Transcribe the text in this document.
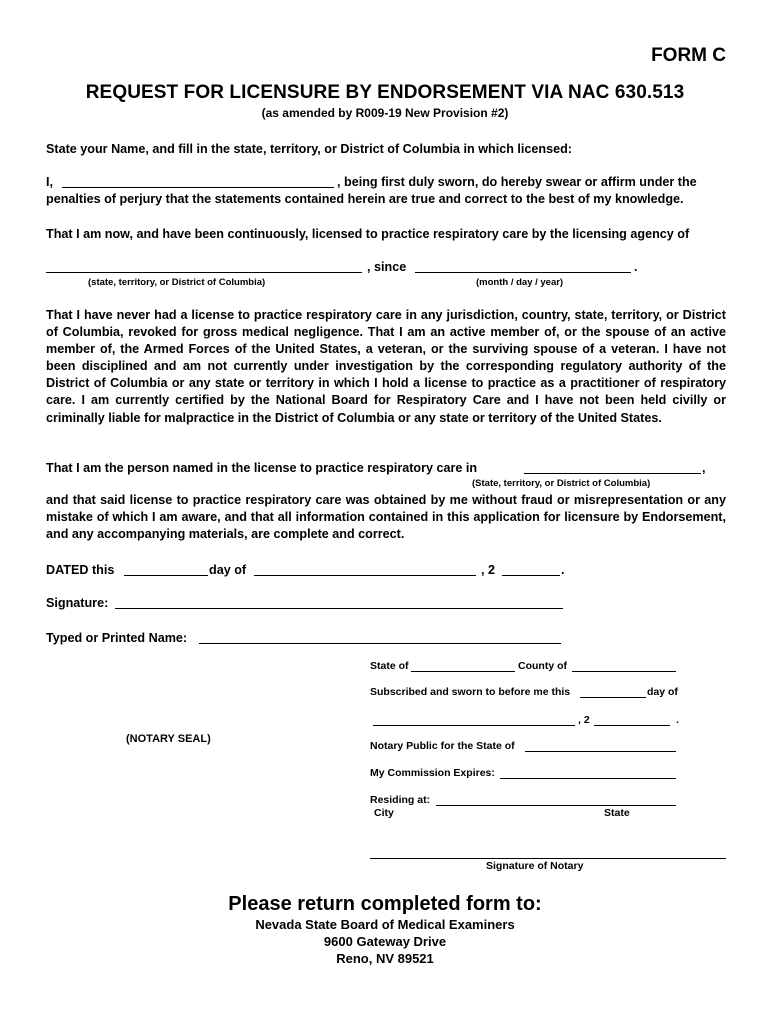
FORM C
REQUEST FOR LICENSURE BY ENDORSEMENT VIA NAC 630.513
(as amended by R009-19 New Provision #2)
State your Name, and fill in the state, territory, or District of Columbia in which licensed:
I,	, being first duly sworn, do hereby swear or affirm under the
penalties of perjury that the statements contained herein are true and correct to the best of my knowledge.
That I am now, and have been continuously, licensed to practice respiratory care by the licensing agency of
, since	.
(state, territory, or District of Columbia)	(month / day / year)
That I have never had a license to practice respiratory care in any jurisdiction, country, state, territory, or District of Columbia, revoked for gross medical negligence. That I am an active member of, or the spouse of an active member of, the Armed Forces of the United States, a veteran, or the surviving spouse of a veteran. I have not been disciplined and am not currently under investigation by the corresponding regulatory authority of the District of Columbia or any state or territory in which I hold a license to practice as a practitioner of respiratory care. I am currently certified by the National Board for Respiratory Care and I have not been held civilly or criminally liable for malpractice in the District of Columbia or any state or territory of the United States.
That I am the person named in the license to practice respiratory care in	,
(State, territory, or District of Columbia)
and that said license to practice respiratory care was obtained by me without fraud or misrepresentation or any mistake of which I am aware, and that all information contained in this application for licensure by Endorsement, and any accompanying materials, are complete and correct.
DATED this	day of	, 2	.
Signature:
Typed or Printed Name:
State of	County of
Subscribed and sworn to before me this	day of
, 2	.
(NOTARY SEAL)
Notary Public for the State of
My Commission Expires:
Residing at:
City	State
Signature of Notary
Please return completed form to:
Nevada State Board of Medical Examiners
9600 Gateway Drive
Reno, NV 89521
